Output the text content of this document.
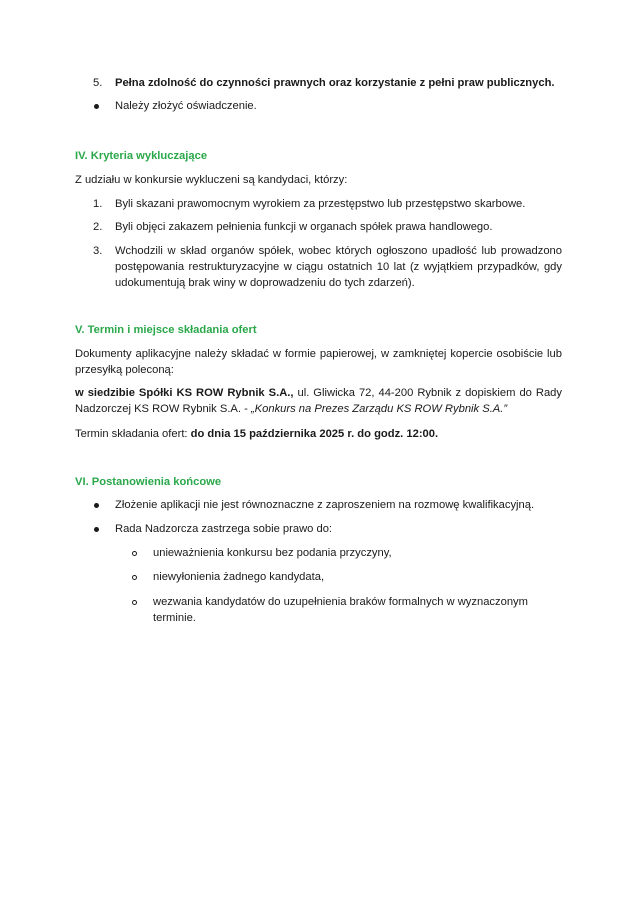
5.	Pełna zdolność do czynności prawnych oraz korzystanie z pełni praw publicznych.
Należy złożyć oświadczenie.
IV. Kryteria wykluczające
Z udziału w konkursie wykluczeni są kandydaci, którzy:
1.	Byli skazani prawomocnym wyrokiem za przestępstwo lub przestępstwo skarbowe.
2.	Byli objęci zakazem pełnienia funkcji w organach spółek prawa handlowego.
3.	Wchodzili w skład organów spółek, wobec których ogłoszono upadłość lub prowadzono postępowania restrukturyzacyjne w ciągu ostatnich 10 lat (z wyjątkiem przypadków, gdy udokumentują brak winy w doprowadzeniu do tych zdarzeń).
V. Termin i miejsce składania ofert
Dokumenty aplikacyjne należy składać w formie papierowej, w zamkniętej kopercie osobiście lub przesyłką poleconą:
w siedzibie Spółki KS ROW Rybnik S.A., ul. Gliwicka 72, 44-200 Rybnik z dopiskiem do Rady Nadzorczej KS ROW Rybnik S.A. - „Konkurs na Prezes Zarządu KS ROW Rybnik S.A.”
Termin składania ofert: do dnia 15 października 2025 r. do godz. 12:00.
VI. Postanowienia końcowe
Złożenie aplikacji nie jest równoznaczne z zaproszeniem na rozmowę kwalifikacyjną.
Rada Nadzorcza zastrzega sobie prawo do:
unieważnienia konkursu bez podania przyczyny,
niewyłonienia żadnego kandydata,
wezwania kandydatów do uzupełnienia braków formalnych w wyznaczonym terminie.
